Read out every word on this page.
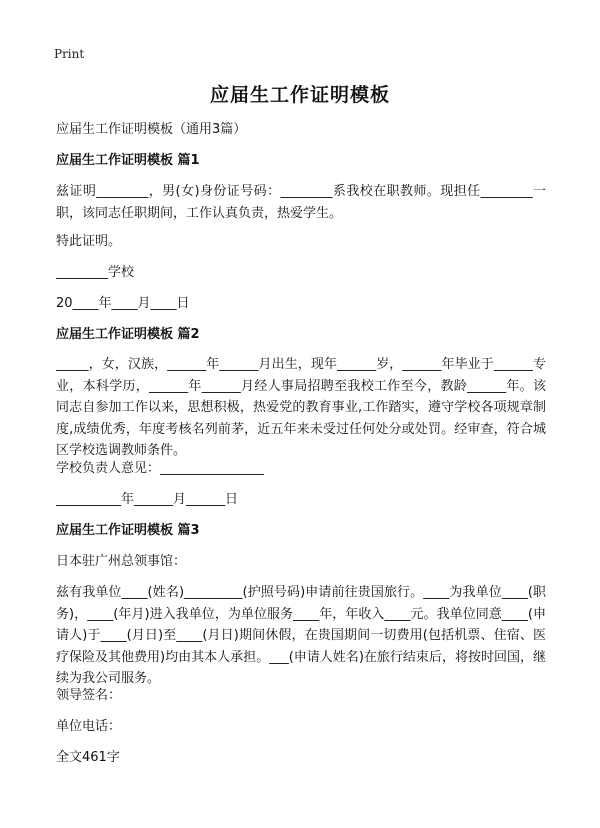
Print
应届生工作证明模板
应届生工作证明模板（通用3篇）
应届生工作证明模板 篇1
兹证明________，男(女)身份证号码：________系我校在职教师。现担任________一职，该同志任职期间，工作认真负责，热爱学生。
特此证明。
________学校
20____年____月____日
应届生工作证明模板 篇2
_____，女，汉族，______年______月出生，现年______岁，______年毕业于______专业，本科学历，______年______月经人事局招聘至我校工作至今，教龄______年。该同志自参加工作以来，思想积极，热爱党的教育事业,工作踏实，遵守学校各项规章制度,成绩优秀，年度考核名列前茅，近五年来未受过任何处分或处罚。经审查，符合城区学校选调教师条件。
学校负责人意见：________________
__________年______月______日
应届生工作证明模板 篇3
日本驻广州总领事馆：
兹有我单位____(姓名)_________(护照号码)申请前往贵国旅行。____为我单位____(职务)，____(年月)进入我单位，为单位服务____年，年收入____元。我单位同意____(申请人)于____(月日)至____(月日)期间休假，在贵国期间一切费用(包括机票、住宿、医疗保险及其他费用)均由其本人承担。___(申请人姓名)在旅行结束后，将按时回国，继续为我公司服务。
领导签名：
单位电话：
全文461字
